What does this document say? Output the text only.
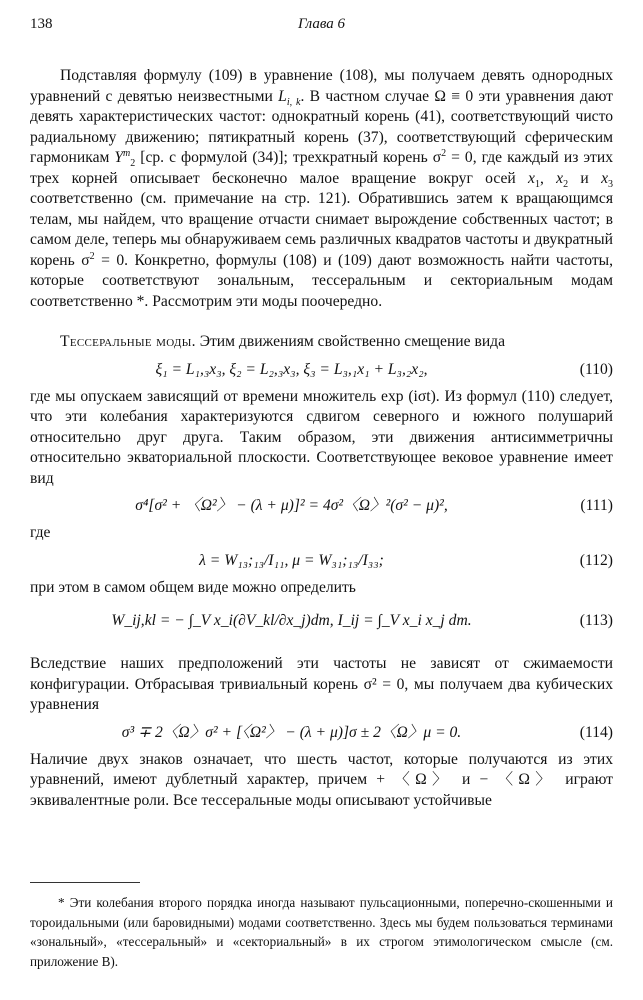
138	Глава 6

Подставляя формулу (109) в уравнение (108), мы получаем девять однородных уравнений с девятью неизвестными $L_{i, k}$. В частном случае Ω ≡ 0 эти уравнения дают девять характеристических частот: однократный корень (41), соответствующий чисто радиальному движению; пятикратный корень (37), соответствующий сферическим гармоникам $Y^m_2$ [ср. с формулой (34)]; трехкратный корень $\sigma^2 = 0$, где каждый из этих трех корней описывает бесконечно малое вращение вокруг осей $x_1$, $x_2$ и $x_3$ соответственно (см. примечание на стр. 121). Обратившись затем к вращающимся телам, мы найдем, что вращение отчасти снимает вырождение собственных частот; в самом деле, теперь мы обнаруживаем семь различных квадратов частоты и двукратный корень $\sigma^2 = 0$. Конкретно, формулы (108) и (109) дают возможность найти частоты, которые соответствуют зональным, тессеральным и секториальным модам соответственно *. Рассмотрим эти моды поочередно.

Тессеральные моды. Этим движениям свойственно смещение вида

ξ₁ = L₁,₃x₃, ξ₂ = L₂,₃x₃, ξ₃ = L₃,₁x₁ + L₃,₂x₂,	(110)

где мы опускаем зависящий от времени множитель exp (iσt). Из формул (110) следует, что эти колебания характеризуются сдвигом северного и южного полушарий относительно друг друга. Таким образом, эти движения антисимметричны относительно экваториальной плоскости. Соответствующее вековое уравнение имеет вид

σ⁴[σ² + 〈Ω²〉 − (λ + μ)]² = 4σ²〈Ω〉²(σ² − μ)²,	(111)

где

λ = W₁₃;₁₃/I₁₁, μ = W₃₁;₁₃/I₃₃;	(112)

при этом в самом общем виде можно определить

W_ij,kl = − ∫_V x_i(∂V_kl/∂x_j)dm, I_ij = ∫_V x_i x_j dm.	(113)

Вследствие наших предположений эти частоты не зависят от сжимаемости конфигурации. Отбрасывая тривиальный корень σ² = 0, мы получаем два кубических уравнения

σ³ ∓ 2〈Ω〉σ² + [〈Ω²〉 − (λ + μ)]σ ± 2〈Ω〉μ = 0.	(114)

Наличие двух знаков означает, что шесть частот, которые получаются из этих уравнений, имеют дублетный характер, причем + 〈Ω〉 и − 〈Ω〉 играют эквивалентные роли. Все тессеральные моды описывают устойчивые

* Эти колебания второго порядка иногда называют пульсационными, поперечно-скошенными и тороидальными (или баровидными) модами соответственно. Здесь мы будем пользоваться терминами «зональный», «тессеральный» и «секториальный» в их строгом этимологическом смысле (см. приложение В).
